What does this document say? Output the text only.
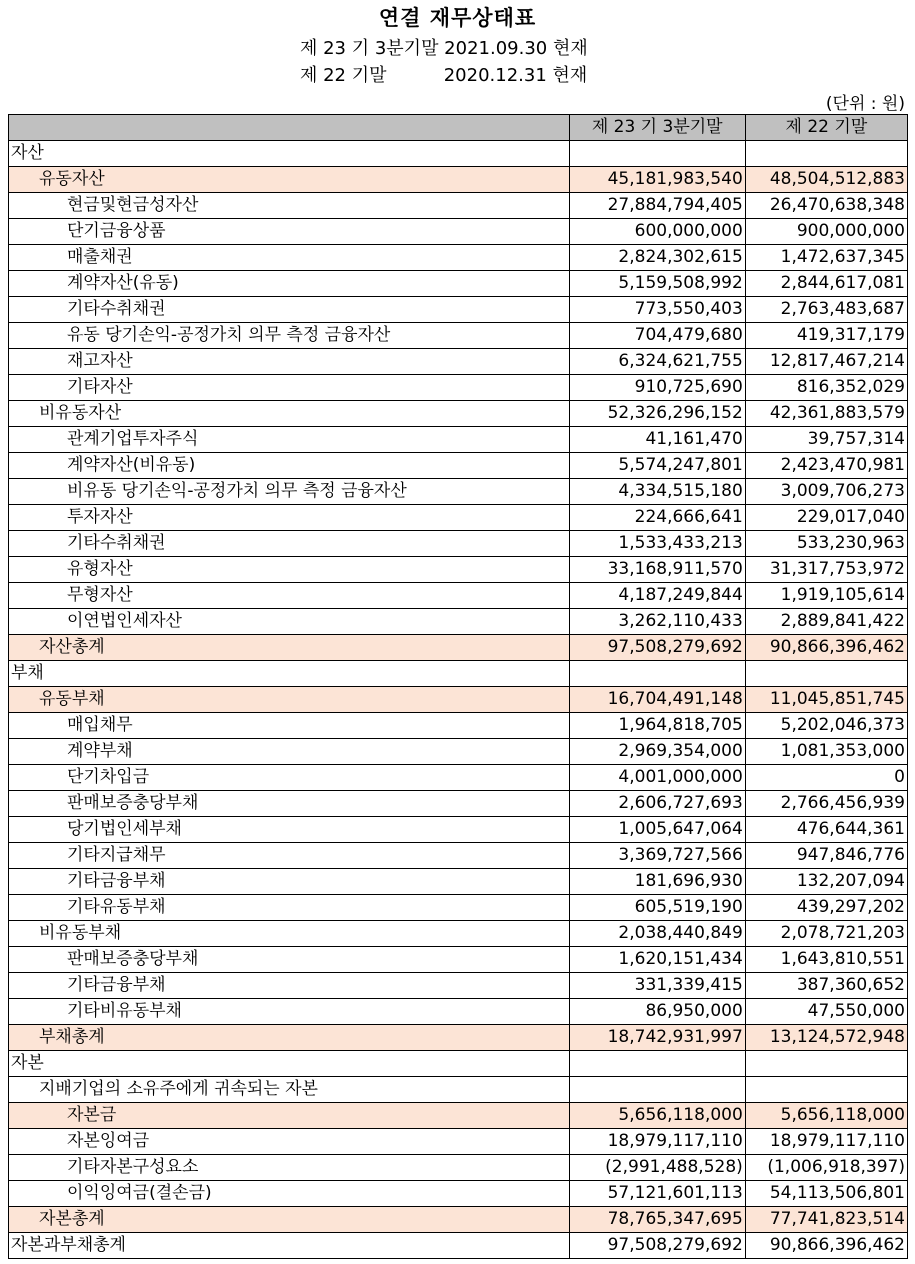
연결 재무상태표
제 23 기 3분기말 2021.09.30 현재
제 22 기말          2020.12.31 현재
(단위 : 원)
	제 23 기 3분기말	제 22 기말
자산		
유동자산	45,181,983,540	48,504,512,883
현금및현금성자산	27,884,794,405	26,470,638,348
단기금융상품	600,000,000	900,000,000
매출채권	2,824,302,615	1,472,637,345
계약자산(유동)	5,159,508,992	2,844,617,081
기타수취채권	773,550,403	2,763,483,687
유동 당기손익-공정가치 의무 측정 금융자산	704,479,680	419,317,179
재고자산	6,324,621,755	12,817,467,214
기타자산	910,725,690	816,352,029
비유동자산	52,326,296,152	42,361,883,579
관계기업투자주식	41,161,470	39,757,314
계약자산(비유동)	5,574,247,801	2,423,470,981
비유동 당기손익-공정가치 의무 측정 금융자산	4,334,515,180	3,009,706,273
투자자산	224,666,641	229,017,040
기타수취채권	1,533,433,213	533,230,963
유형자산	33,168,911,570	31,317,753,972
무형자산	4,187,249,844	1,919,105,614
이연법인세자산	3,262,110,433	2,889,841,422
자산총계	97,508,279,692	90,866,396,462
부채		
유동부채	16,704,491,148	11,045,851,745
매입채무	1,964,818,705	5,202,046,373
계약부채	2,969,354,000	1,081,353,000
단기차입금	4,001,000,000	0
판매보증충당부채	2,606,727,693	2,766,456,939
당기법인세부채	1,005,647,064	476,644,361
기타지급채무	3,369,727,566	947,846,776
기타금융부채	181,696,930	132,207,094
기타유동부채	605,519,190	439,297,202
비유동부채	2,038,440,849	2,078,721,203
판매보증충당부채	1,620,151,434	1,643,810,551
기타금융부채	331,339,415	387,360,652
기타비유동부채	86,950,000	47,550,000
부채총계	18,742,931,997	13,124,572,948
자본		
지배기업의 소유주에게 귀속되는 자본		
자본금	5,656,118,000	5,656,118,000
자본잉여금	18,979,117,110	18,979,117,110
기타자본구성요소	(2,991,488,528)	(1,006,918,397)
이익잉여금(결손금)	57,121,601,113	54,113,506,801
자본총계	78,765,347,695	77,741,823,514
자본과부채총계	97,508,279,692	90,866,396,462
